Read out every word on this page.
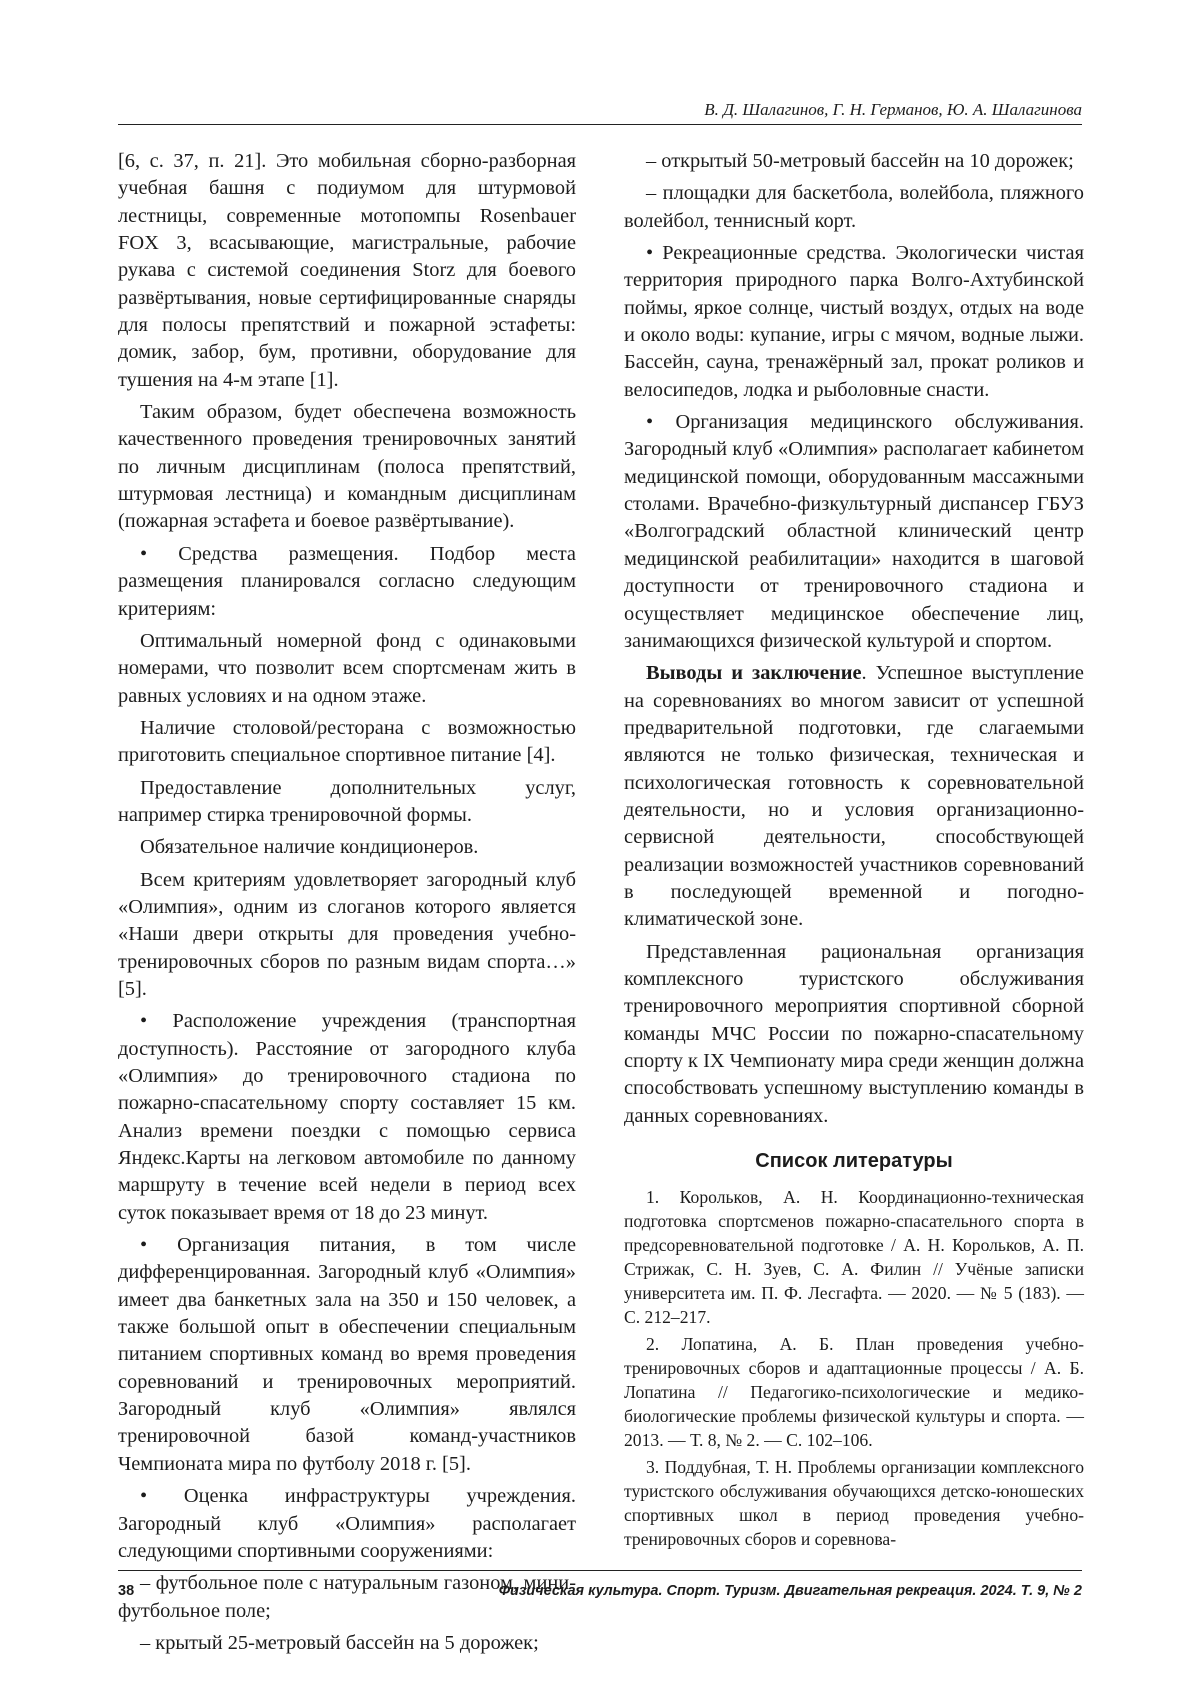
В. Д. Шалагинов, Г. Н. Германов, Ю. А. Шалагинова

[6, с. 37, п. 21]. Это мобильная сборно-разборная учебная башня с подиумом для штурмовой лестницы, современные мотопомпы Rosenbauer FOX 3, всасывающие, магистральные, рабочие рукава с системой соединения Storz для боевого развёртывания, новые сертифицированные снаряды для полосы препятствий и пожарной эстафеты: домик, забор, бум, противни, оборудование для тушения на 4-м этапе [1].

Таким образом, будет обеспечена возможность качественного проведения тренировочных занятий по личным дисциплинам (полоса препятствий, штурмовая лестница) и командным дисциплинам (пожарная эстафета и боевое развёртывание).

• Средства размещения. Подбор места размещения планировался согласно следующим критериям:

Оптимальный номерной фонд с одинаковыми номерами, что позволит всем спортсменам жить в равных условиях и на одном этаже.

Наличие столовой/ресторана с возможностью приготовить специальное спортивное питание [4].

Предоставление дополнительных услуг, например стирка тренировочной формы.

Обязательное наличие кондиционеров.

Всем критериям удовлетворяет загородный клуб «Олимпия», одним из слоганов которого является «Наши двери открыты для проведения учебно-тренировочных сборов по разным видам спорта…» [5].

• Расположение учреждения (транспортная доступность). Расстояние от загородного клуба «Олимпия» до тренировочного стадиона по пожарно-спасательному спорту составляет 15 км. Анализ времени поездки с помощью сервиса Яндекс.Карты на легковом автомобиле по данному маршруту в течение всей недели в период всех суток показывает время от 18 до 23 минут.

• Организация питания, в том числе дифференцированная. Загородный клуб «Олимпия» имеет два банкетных зала на 350 и 150 человек, а также большой опыт в обеспечении специальным питанием спортивных команд во время проведения соревнований и тренировочных мероприятий. Загородный клуб «Олимпия» являлся тренировочной базой команд-участников Чемпионата мира по футболу 2018 г. [5].

• Оценка инфраструктуры учреждения. Загородный клуб «Олимпия» располагает следующими спортивными сооружениями:

– футбольное поле с натуральным газоном, мини-футбольное поле;

– крытый 25-метровый бассейн на 5 дорожек;

– открытый 50-метровый бассейн на 10 дорожек;

– площадки для баскетбола, волейбола, пляжного волейбол, теннисный корт.

• Рекреационные средства. Экологически чистая территория природного парка Волго-Ахтубинской поймы, яркое солнце, чистый воздух, отдых на воде и около воды: купание, игры с мячом, водные лыжи. Бассейн, сауна, тренажёрный зал, прокат роликов и велосипедов, лодка и рыболовные снасти.

• Организация медицинского обслуживания. Загородный клуб «Олимпия» располагает кабинетом медицинской помощи, оборудованным массажными столами. Врачебно-физкультурный диспансер ГБУЗ «Волгоградский областной клинический центр медицинской реабилитации» находится в шаговой доступности от тренировочного стадиона и осуществляет медицинское обеспечение лиц, занимающихся физической культурой и спортом.

Выводы и заключение. Успешное выступление на соревнованиях во многом зависит от успешной предварительной подготовки, где слагаемыми являются не только физическая, техническая и психологическая готовность к соревновательной деятельности, но и условия организационно-сервисной деятельности, способствующей реализации возможностей участников соревнований в последующей временной и погодно-климатической зоне.

Представленная рациональная организация комплексного туристского обслуживания тренировочного мероприятия спортивной сборной команды МЧС России по пожарно-спасательному спорту к IX Чемпионату мира среди женщин должна способствовать успешному выступлению команды в данных соревнованиях.

Список литературы

1. Корольков, А. Н. Координационно-техническая подготовка спортсменов пожарно-спасательного спорта в предсоревновательной подготовке / А. Н. Корольков, А. П. Стрижак, С. Н. Зуев, С. А. Филин // Учёные записки университета им. П. Ф. Лесгафта. — 2020. — № 5 (183). — С. 212–217.

2. Лопатина, А. Б. План проведения учебно-тренировочных сборов и адаптационные процессы / А. Б. Лопатина // Педагогико-психологические и медико-биологические проблемы физической культуры и спорта. — 2013. — Т. 8, № 2. — С. 102–106.

3. Поддубная, Т. Н. Проблемы организации комплексного туристского обслуживания обучающихся детско-юношеских спортивных школ в период проведения учебно-тренировочных сборов и соревнова-

38	Физическая культура. Спорт. Туризм. Двигательная рекреация. 2024. Т. 9, № 2
